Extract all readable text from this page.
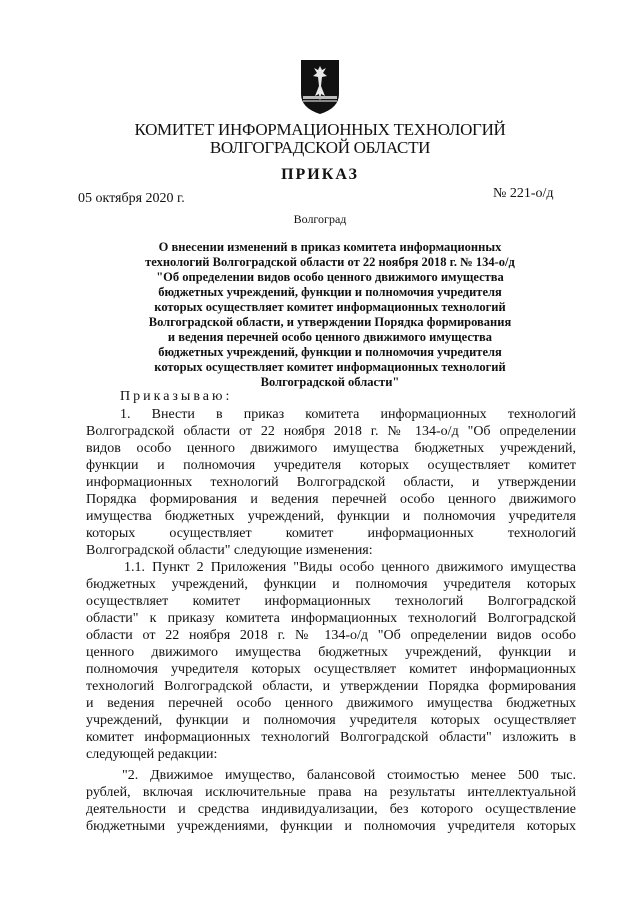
КОМИТЕТ ИНФОРМАЦИОННЫХ ТЕХНОЛОГИЙ
ВОЛГОГРАДСКОЙ ОБЛАСТИ
ПРИКАЗ
05 октября 2020 г.	№ 221-о/д
Волгоград
О внесении изменений в приказ комитета информационных
технологий Волгоградской области от 22 ноября 2018 г. № 134-о/д
"Об определении видов особо ценного движимого имущества
бюджетных учреждений, функции и полномочия учредителя
которых осуществляет комитет информационных технологий
Волгоградской области, и утверждении Порядка формирования
и ведения перечней особо ценного движимого имущества
бюджетных учреждений, функции и полномочия учредителя
которых осуществляет комитет информационных технологий
Волгоградской области"
Приказываю:
1. Внести в приказ комитета информационных технологий
Волгоградской области от 22 ноября 2018 г. № 134-о/д "Об определении
видов особо ценного движимого имущества бюджетных учреждений,
функции и полномочия учредителя которых осуществляет комитет
информационных технологий Волгоградской области, и утверждении
Порядка формирования и ведения перечней особо ценного движимого
имущества бюджетных учреждений, функции и полномочия учредителя
которых осуществляет комитет информационных технологий
Волгоградской области" следующие изменения:
1.1. Пункт 2 Приложения "Виды особо ценного движимого имущества
бюджетных учреждений, функции и полномочия учредителя которых
осуществляет комитет информационных технологий Волгоградской
области" к приказу комитета информационных технологий Волгоградской
области от 22 ноября 2018 г. № 134-о/д "Об определении видов особо
ценного движимого имущества бюджетных учреждений, функции и
полномочия учредителя которых осуществляет комитет информационных
технологий Волгоградской области, и утверждении Порядка формирования
и ведения перечней особо ценного движимого имущества бюджетных
учреждений, функции и полномочия учредителя которых осуществляет
комитет информационных технологий Волгоградской области" изложить в
следующей редакции:
"2. Движимое имущество, балансовой стоимостью менее 500 тыс.
рублей, включая исключительные права на результаты интеллектуальной
деятельности и средства индивидуализации, без которого осуществление
бюджетными учреждениями, функции и полномочия учредителя которых
